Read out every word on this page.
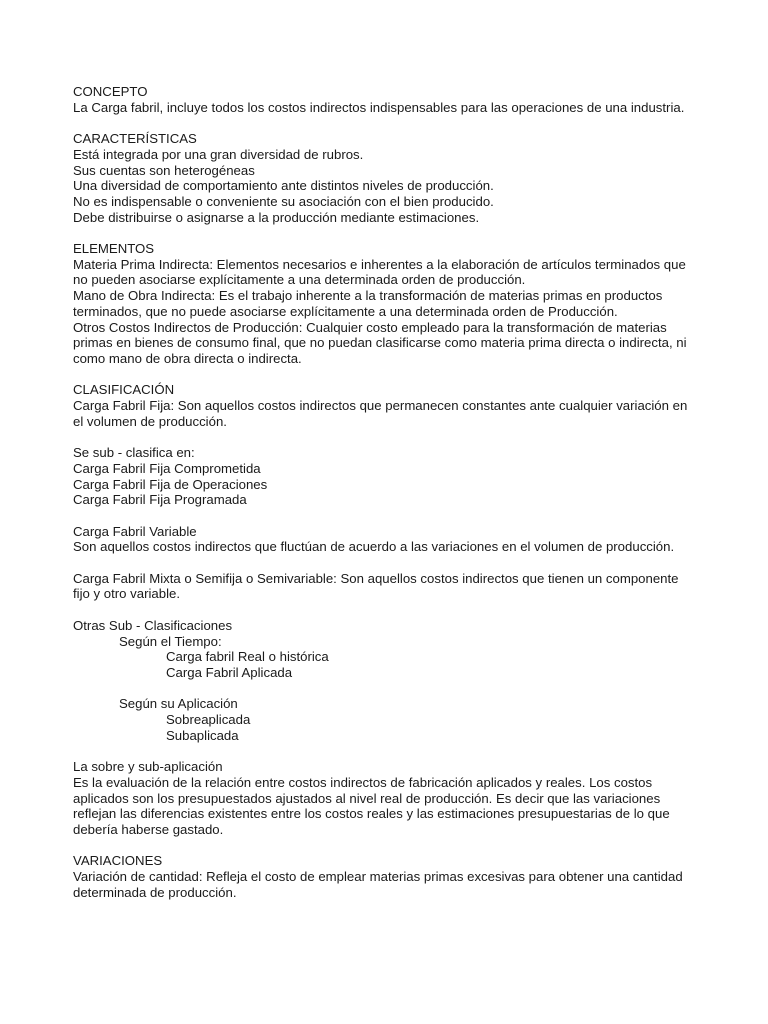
CONCEPTO

La Carga fabril, incluye todos los costos indirectos indispensables para las operaciones de una industria.

CARACTERÍSTICAS

Está integrada por una gran diversidad de rubros.

Sus cuentas son heterogéneas

Una diversidad de comportamiento ante distintos niveles de producción.

No es indispensable o conveniente su asociación con el bien producido.

Debe distribuirse o asignarse a la producción mediante estimaciones.

ELEMENTOS

Materia Prima Indirecta: Elementos necesarios e inherentes a la elaboración de artículos terminados que no pueden asociarse explícitamente a una determinada orden de producción.

Mano de Obra Indirecta: Es el trabajo inherente a la transformación de materias primas en productos terminados, que no puede asociarse explícitamente a una determinada orden de Producción.

Otros Costos Indirectos de Producción: Cualquier costo empleado para la transformación de materias primas en bienes de consumo final, que no puedan clasificarse como materia prima directa o indirecta, ni como mano de obra directa o indirecta.

CLASIFICACIÓN

Carga Fabril Fija: Son aquellos costos indirectos que permanecen constantes ante cualquier variación en el volumen de producción.

Se sub - clasifica en:

Carga Fabril Fija Comprometida

Carga Fabril Fija de Operaciones

Carga Fabril Fija Programada

Carga Fabril Variable

Son aquellos costos indirectos que fluctúan de acuerdo a las variaciones en el volumen de producción.

Carga Fabril Mixta o Semifija o Semivariable: Son aquellos costos indirectos que tienen un componente fijo y otro variable.

Otras Sub - Clasificaciones

Según el Tiempo:

Carga fabril Real o histórica

Carga Fabril Aplicada

Según su Aplicación

Sobreaplicada

Subaplicada

La sobre y sub-aplicación

Es la evaluación de la relación entre costos indirectos de fabricación aplicados y reales. Los costos aplicados son los presupuestados ajustados al nivel real de producción. Es decir que las variaciones reflejan las diferencias existentes entre los costos reales y las estimaciones presupuestarias de lo que debería haberse gastado.

VARIACIONES

Variación de cantidad: Refleja el costo de emplear materias primas excesivas para obtener una cantidad determinada de producción.
